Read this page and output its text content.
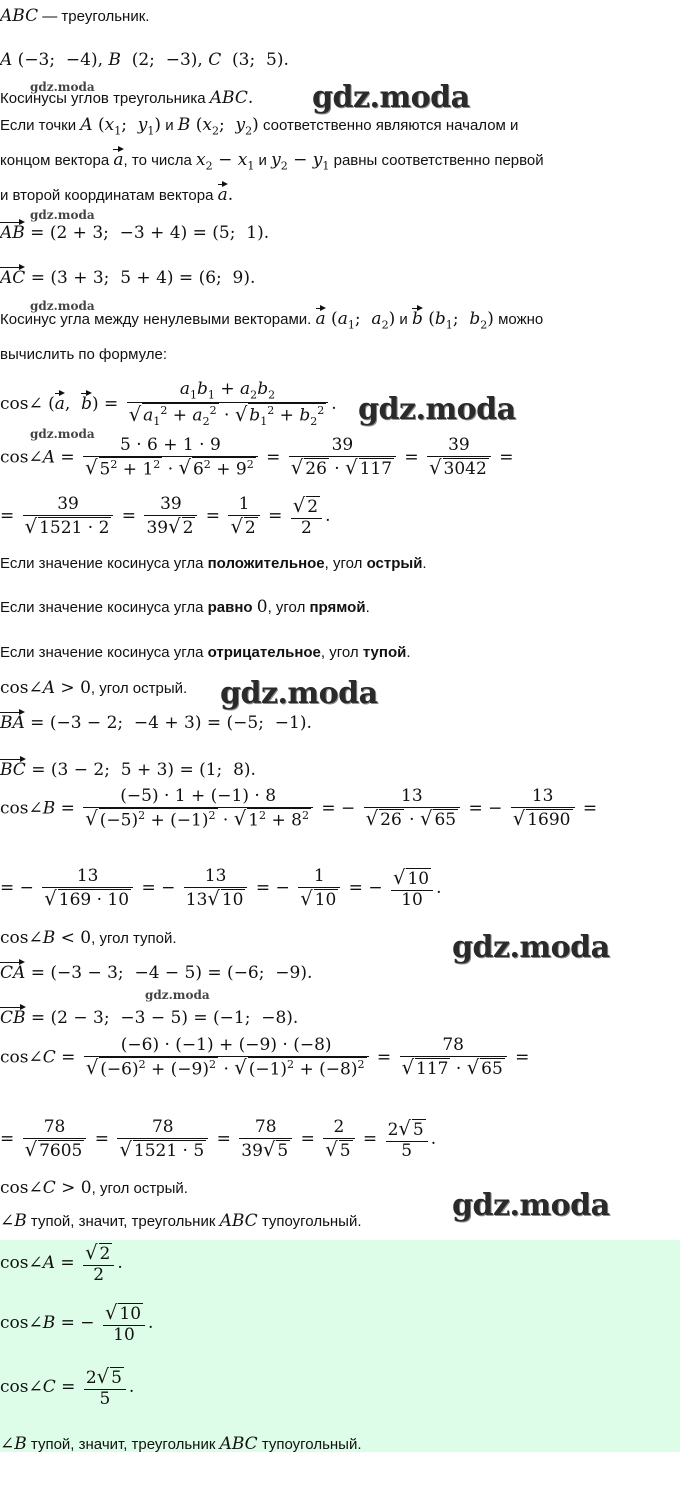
gdz.moda
gdz.moda
gdz.moda
gdz.moda
gdz.moda
gdz.moda
gdz.moda
gdz.moda
gdz.moda
gdz.moda
ABC — треугольник.
A (−3;  −4), B  (2;  −3), C  (3;  5).
Косинусы углов треугольника ABC.
Если точки A ($x_1$;  $y_1$) и B ($x_2$;  $y_2$) соответственно являются началом и
концом вектора a, то числа $x_2 - x_1$ и $y_2 - y_1$ равны соответственно первой
и второй координатам вектора a.
AB = (2 + 3;  −3 + 4) = (5;  1).
AC = (3 + 3;  5 + 4) = (6;  9).
Косинус угла между ненулевыми векторами. a ($a_1$;  $a_2$) и b ($b_1$;  $b_2$) можно
вычислить по формуле:
cos∠ (a,  $b) = \frac{a_1b_1 + a_2b_2}{√ a_1^2 + a_2^2 \cdot √ b_1^2 + b_2^2}$ .
cos∠A = $\frac{5 \cdot 6 + 1 \cdot 9}{√ 5^2 + 1^2 \cdot √ 6^2 + 9^2} = \frac{39}{√ 26 \cdot √ 117} = \frac{39}{√ 3042}$ =
= $\frac{39}{√ 1521 \cdot 2} = \frac{39}{39√ 2} = \frac{1}{√ 2} = \frac{√ 2}{2}$ .
Если значение косинуса угла положительное, угол острый.
Если значение косинуса угла равно 0, угол прямой.
Если значение косинуса угла отрицательное, угол тупой.
cos∠A > 0, угол острый.
BA = (−3 − 2;  −4 + 3) = (−5;  −1).
BC = (3 − 2;  5 + 3) = (1;  8).
cos∠B = $\frac{(-5) \cdot 1 + (-1) \cdot 8}{√ (-5)^2 + (-1)^2 \cdot √ 1^2 + 8^2}$ = − $\frac{13}{√ 26 \cdot √ 65}$ = − $\frac{13}{√ 1690}$ =
= − $\frac{13}{√ 169 \cdot 10}$ = − $\frac{13}{13√ 10}$ = − $\frac{1}{√ 10}$ = − $\frac{√ 10}{10}$ .
cos∠B < 0, угол тупой.
CA = (−3 − 3;  −4 − 5) = (−6;  −9).
CB = (2 − 3;  −3 − 5) = (−1;  −8).
cos∠C = $\frac{(-6) \cdot (-1) + (-9) \cdot (-8)}{√ (-6)^2 + (-9)^2 \cdot √ (-1)^2 + (-8)^2} = \frac{78}{√ 117 \cdot √ 65}$ =
= $\frac{78}{√ 7605} = \frac{78}{√ 1521 \cdot 5} = \frac{78}{39√ 5} = \frac{2}{√ 5} = \frac{2√ 5}{5}$ .
cos∠C > 0, угол острый.
∠B тупой, значит, треугольник ABC тупоугольный.
cos∠A = $\frac{√ 2}{2}$ .
cos∠B = − $\frac{√ 10}{10}$ .
cos∠C = $\frac{2√ 5}{5}$ .
∠B тупой, значит, треугольник ABC тупоугольный.
